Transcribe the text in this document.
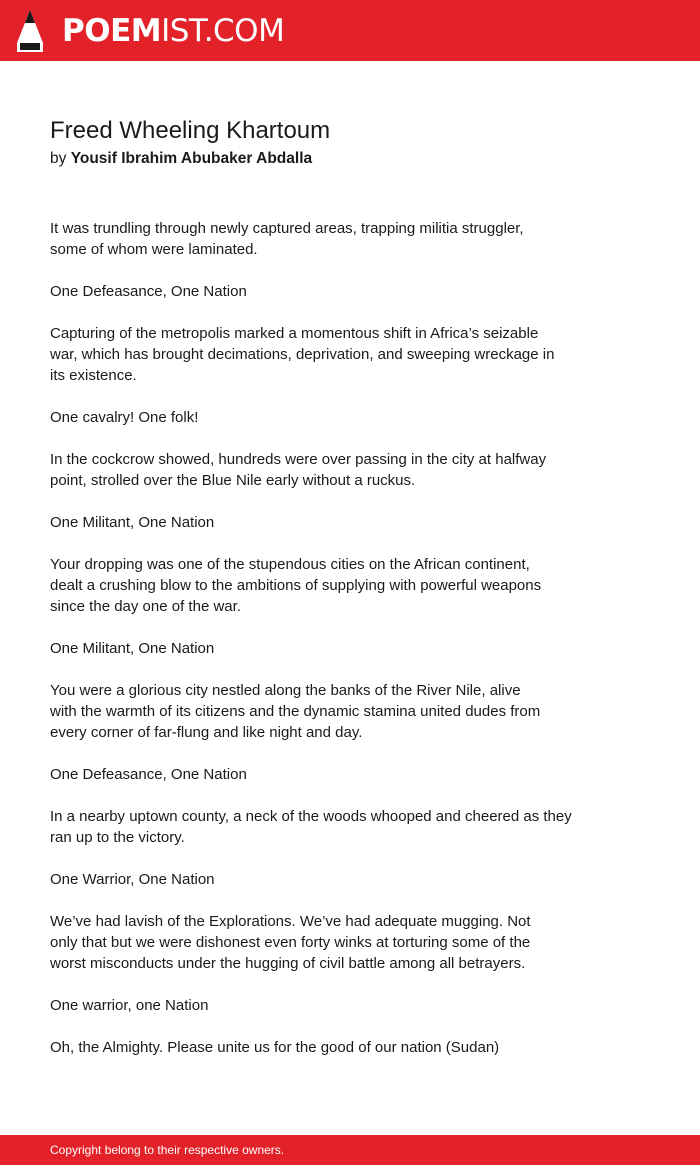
POEMIST.COM
Freed Wheeling Khartoum
by Yousif Ibrahim Abubaker Abdalla

It was trundling through newly captured areas, trapping militia struggler,
some of whom were laminated.

One Defeasance, One Nation

Capturing of the metropolis marked a momentous shift in Africa’s seizable
war, which has brought decimations, deprivation, and sweeping wreckage in
its existence.

One cavalry! One folk!

In the cockcrow showed, hundreds were over passing in the city at halfway
point, strolled over the Blue Nile early without a ruckus.

One Militant, One Nation

Your dropping was one of the stupendous cities on the African continent,
dealt a crushing blow to the ambitions of supplying with powerful weapons
since the day one of the war.

One Militant, One Nation

You were a glorious city nestled along the banks of the River Nile, alive
with the warmth of its citizens and the dynamic stamina united dudes from
every corner of far-flung and like night and day.

One Defeasance, One Nation

In a nearby uptown county, a neck of the woods whooped and cheered as they
ran up to the victory.

One Warrior, One Nation

We’ve had lavish of the Explorations. We’ve had adequate mugging. Not
only that but we were dishonest even forty winks at torturing some of the
worst misconducts under the hugging of civil battle among all betrayers.

One warrior, one Nation

Oh, the Almighty. Please unite us for the good of our nation (Sudan)

Copyright belong to their respective owners.
